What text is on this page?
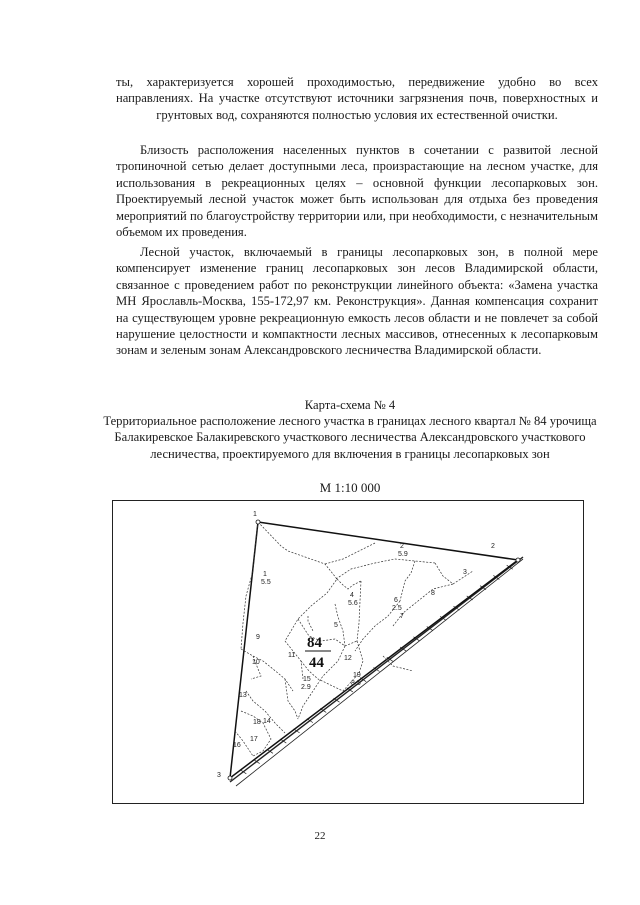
ты, характеризуется хорошей проходимостью, передвижение удобно во всех направлениях. На участке отсутствуют источники загрязнения почв, поверхностных и грунтовых вод, сохраняются полностью условия их естественной очистки.

Близость расположения населенных пунктов в сочетании с развитой лесной тропиночной сетью делает доступными леса, произрастающие на лесном участке, для использования в рекреационных целях – основной функции лесопарковых зон. Проектируемый лесной участок может быть использован для отдыха без проведения мероприятий по благоустройству территории или, при необходимости, с незначительным объемом их проведения.

Лесной участок, включаемый в границы лесопарковых зон, в полной мере компенсирует изменение границ лесопарковых зон лесов Владимирской области, связанное с проведением работ по реконструкции линейного объекта: «Замена участка МН Ярославль-Москва, 155-172,97 км. Реконструкция». Данная компенсация сохранит на существующем уровне рекреационную емкость лесов области и не повлечет за собой нарушение целостности и компактности лесных массивов, отнесенных к лесопарковым зонам и зеленым зонам Александровского лесничества Владимирской области.

Карта-схема № 4
Территориальное расположение лесного участка в границах лесного квартал № 84 урочища Балакиревское Балакиревского участкового лесничества Александровского участкового лесничества, проектируемого для включения в границы лесопарковых зон
М 1:10 000
1
2
3
84
44
1
5.5
2
5.9
3
4
5.6
5
6
2.5
7
8
9
10
11	12
13
14
15
2.9
16
17
18
19
8.5
22
